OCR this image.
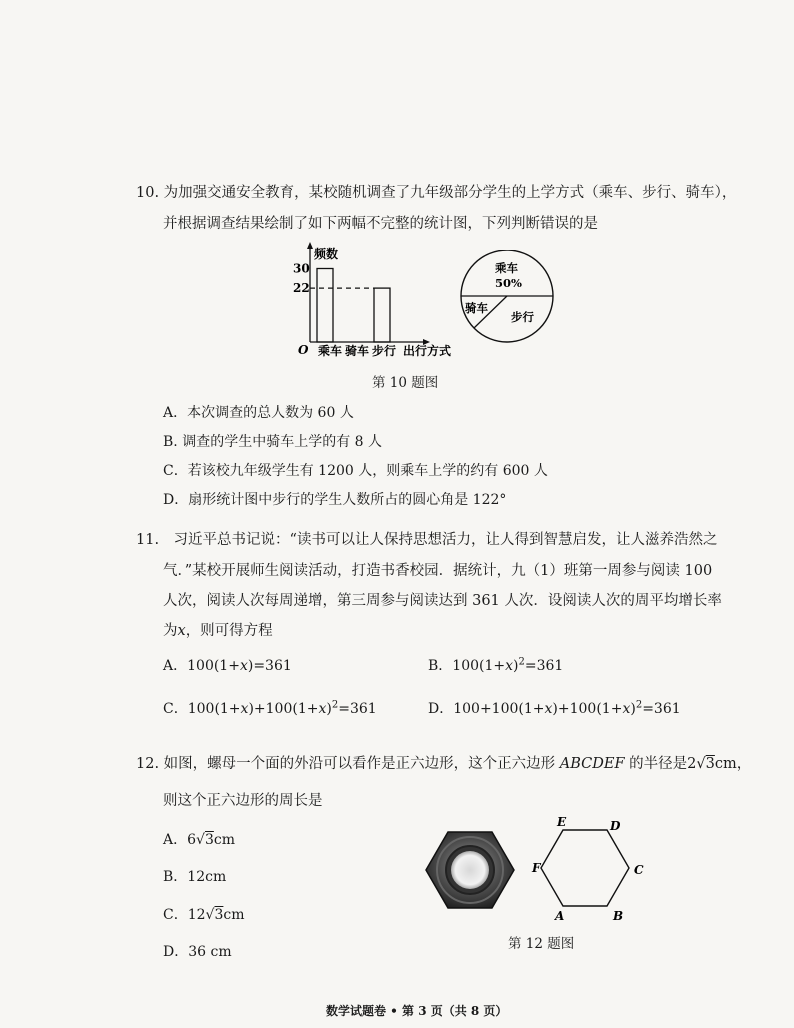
10. 为加强交通安全教育，某校随机调查了九年级部分学生的上学方式（乘车、步行、骑车），
并根据调查结果绘制了如下两幅不完整的统计图，下列判断错误的是
30
22
频数
O 乘车 骑车 步行 出行方式
乘车
50%
骑车
步行
第 10 题图
A．本次调查的总人数为 60 人
B. 调查的学生中骑车上学的有 8 人
C．若该校九年级学生有 1200 人，则乘车上学的约有 600 人
D．扇形统计图中步行的学生人数所占的圆心角是 122°
11.　习近平总书记说：“读书可以让人保持思想活力，让人得到智慧启发，让人滋养浩然之
气．”某校开展师生阅读活动，打造书香校园．据统计，九（1）班第一周参与阅读 100
人次，阅读人次每周递增，第三周参与阅读达到 361 人次．设阅读人次的周平均增长率
为x，则可得方程
A．100(1+x)=361	B．$100(1+x)^2=361$
C．$100(1+x)+100(1+x)^2=361$	D．$100+100(1+x)+100(1+x)^2=361$
12. 如图，螺母一个面的外沿可以看作是正六边形，这个正六边形 ABCDEF 的半径是2√3cm，
则这个正六边形的周长是
A．6√3cm
B．12cm
C．12√3cm
D．36 cm
A	B
C
D
E
F
第 12 题图
数学试题卷 • 第 3 页（共 8 页）
